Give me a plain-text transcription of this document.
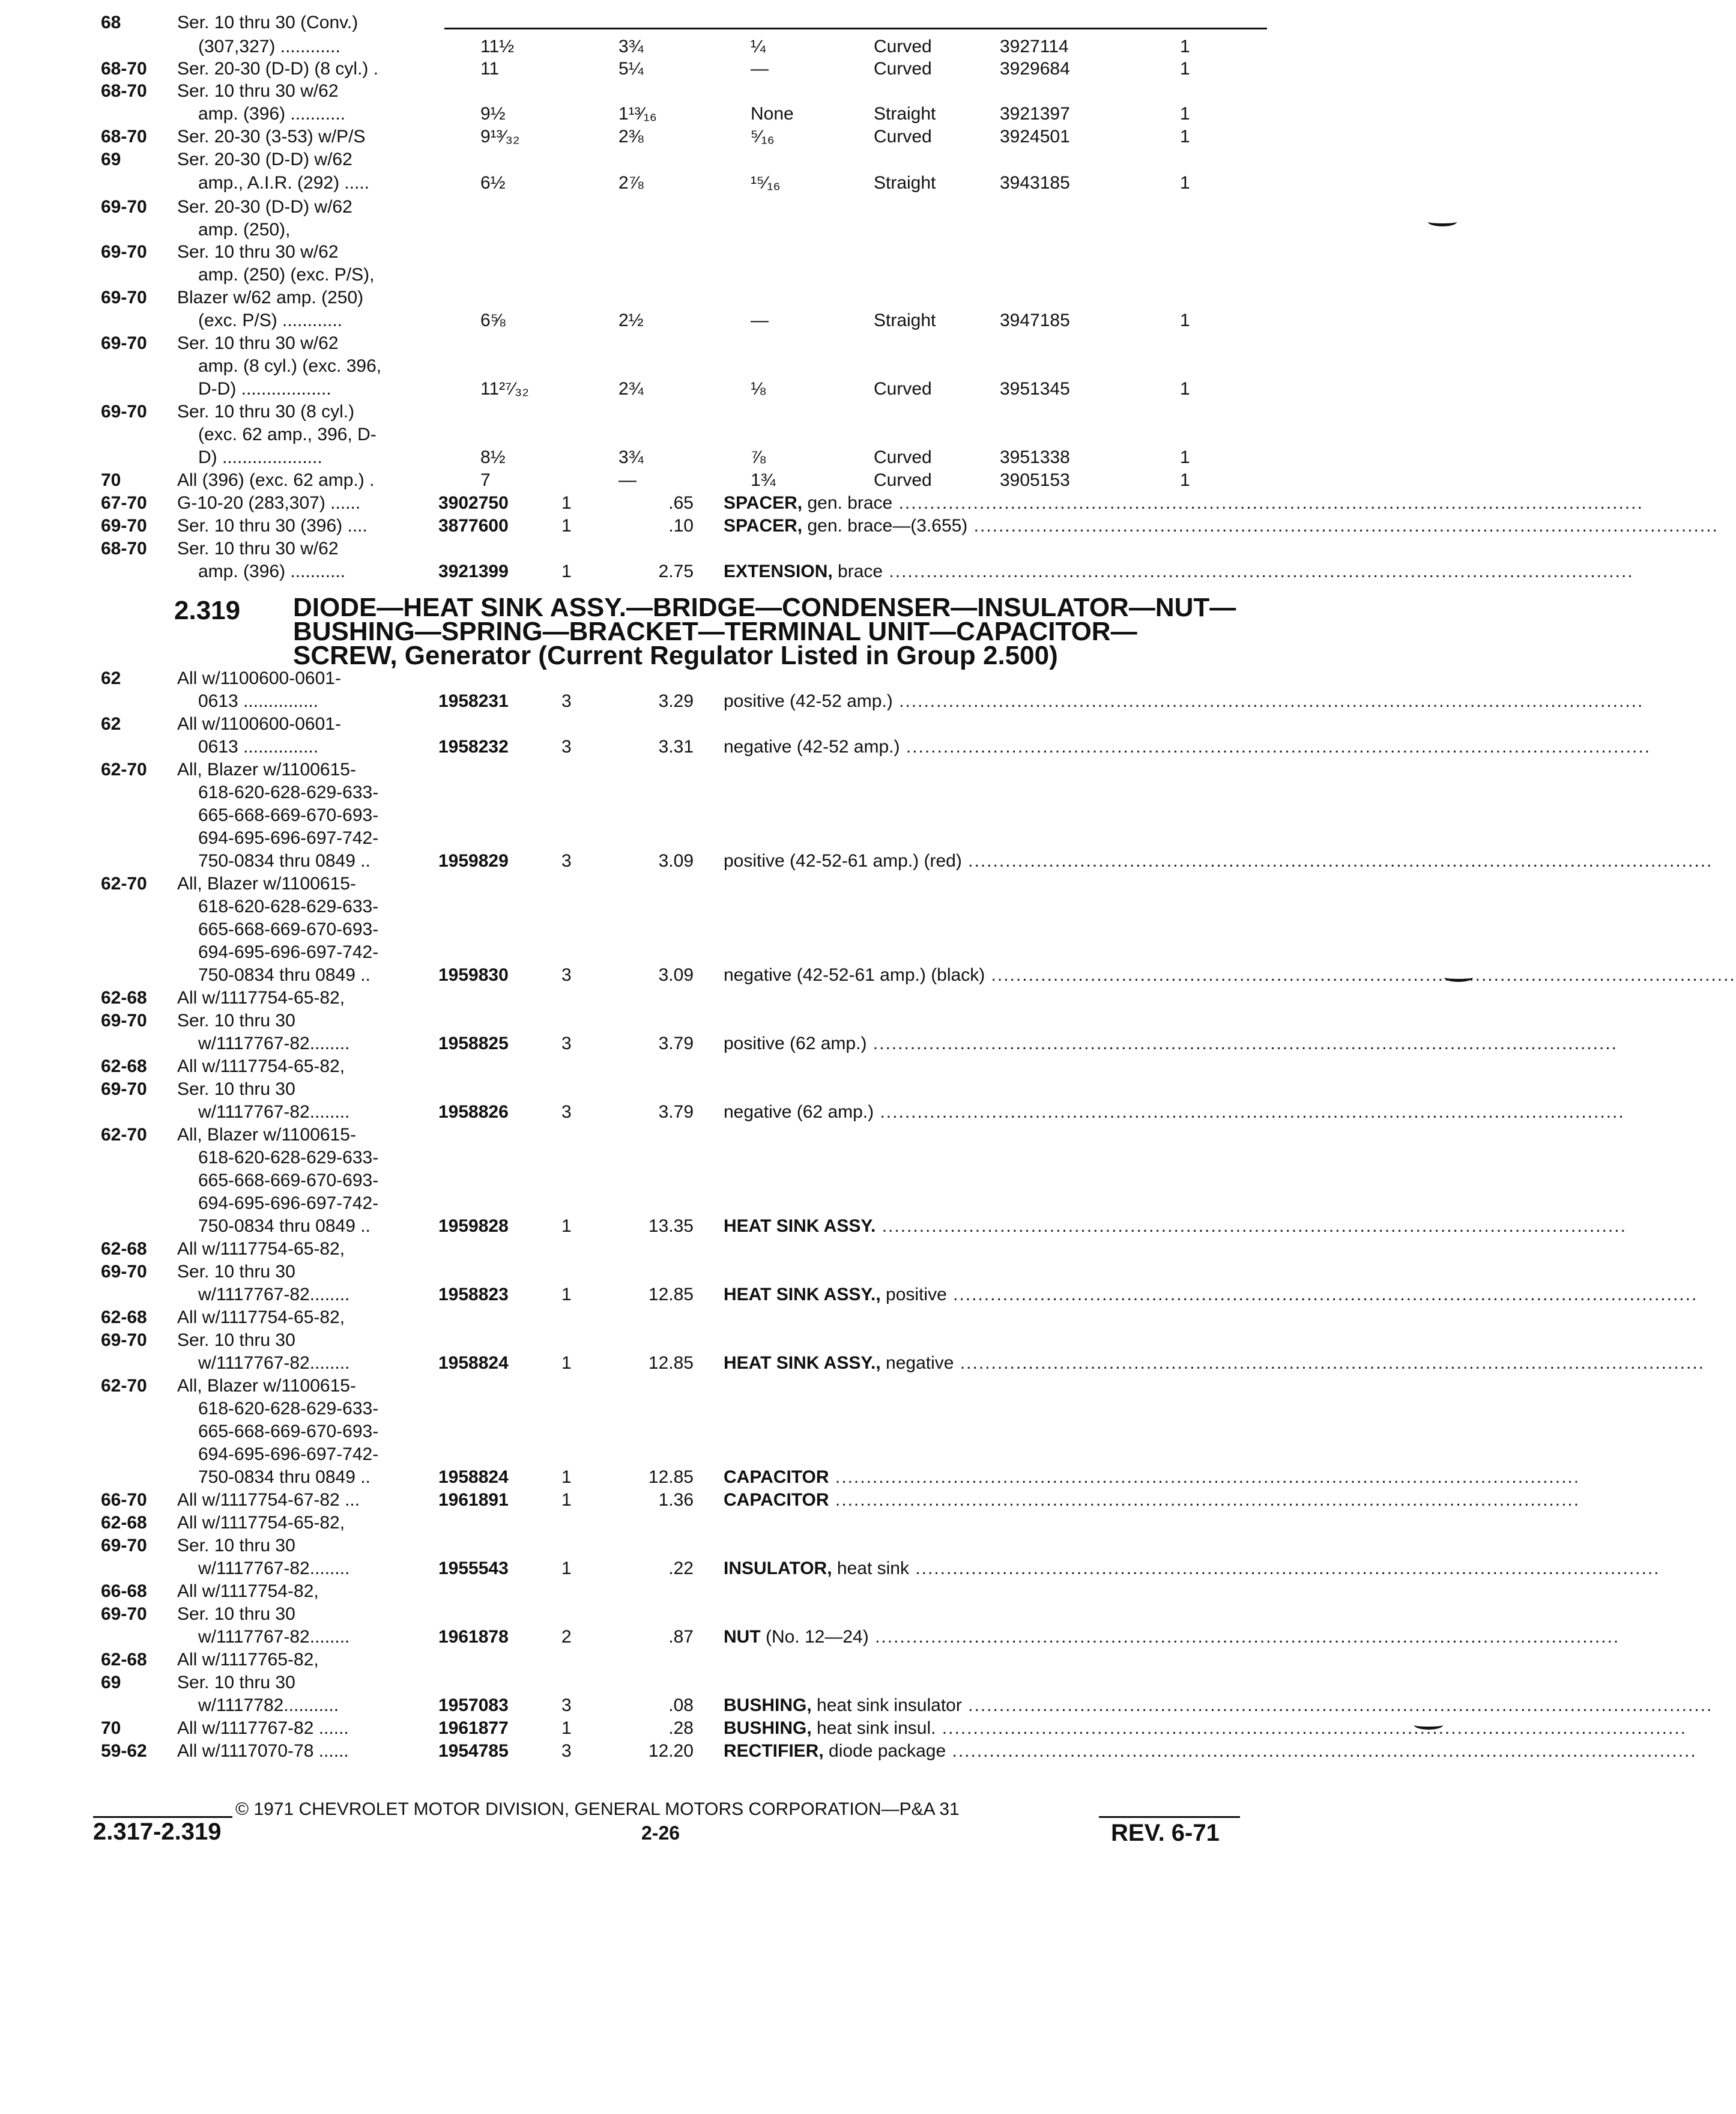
68	Ser. 10 thru 30 (Conv.)
(307,327) ............	11½	3¾	¼	Curved	3927114	1
68-70 Ser. 20-30 (D-D) (8 cyl.) .	11	5¼	—	Curved	3929684	1
68-70 Ser. 10 thru 30 w/62
amp. (396) ...........	9½	1¹³⁄₁₆	None	Straight	3921397	1
68-70 Ser. 20-30 (3-53) w/P/S	9¹³⁄₃₂	2⅜	⁵⁄₁₆	Curved	3924501	1
69	Ser. 20-30 (D-D) w/62
amp., A.I.R. (292) .....	6½	2⅞	¹⁵⁄₁₆	Straight	3943185	1
69-70 Ser. 20-30 (D-D) w/62
amp. (250),
69-70 Ser. 10 thru 30 w/62
amp. (250) (exc. P/S),
69-70 Blazer w/62 amp. (250)
(exc. P/S) ............	6⅝	2½	—	Straight	3947185	1
69-70 Ser. 10 thru 30 w/62
amp. (8 cyl.) (exc. 396,
D-D) ..................	11²⁷⁄₃₂	2¾	⅛	Curved	3951345	1
69-70 Ser. 10 thru 30 (8 cyl.)
(exc. 62 amp., 396, D-
D) ....................	8½	3¾	⅞	Curved	3951338	1
70	All (396) (exc. 62 amp.) .	7	—	1¾	Curved	3905153	1
67-70 G-10-20 (283,307) ......	3902750	1	.65 SPACER, gen. brace ........................................................................................................................
69-70 Ser. 10 thru 30 (396) ....	3877600	1	.10 SPACER, gen. brace—(3.655) ........................................................................................................................
68-70 Ser. 10 thru 30 w/62
amp. (396) ...........	3921399	1	2.75 EXTENSION, brace ........................................................................................................................
2.319 DIODE—HEAT SINK ASSY.—BRIDGE—CONDENSER—INSULATOR—NUT—
BUSHING—SPRING—BRACKET—TERMINAL UNIT—CAPACITOR—
SCREW, Generator (Current Regulator Listed in Group 2.500)
62	All w/1100600-0601-
0613 ...............	1958231	3	3.29 positive (42-52 amp.) ........................................................................................................................
62	All w/1100600-0601-
0613 ...............	1958232	3	3.31 negative (42-52 amp.) ........................................................................................................................
62-70 All, Blazer w/1100615-
618-620-628-629-633-
665-668-669-670-693-
694-695-696-697-742-
750-0834 thru 0849 ..	1959829	3	3.09 positive (42-52-61 amp.) (red) ........................................................................................................................
62-70 All, Blazer w/1100615-
618-620-628-629-633-
665-668-669-670-693-
694-695-696-697-742-
750-0834 thru 0849 ..	1959830	3	3.09 negative (42-52-61 amp.) (black) ........................................................................................................................
62-68 All w/1117754-65-82,
69-70 Ser. 10 thru 30
w/1117767-82........	1958825	3	3.79 positive (62 amp.) ........................................................................................................................
62-68 All w/1117754-65-82,
69-70 Ser. 10 thru 30
w/1117767-82........	1958826	3	3.79 negative (62 amp.) ........................................................................................................................
62-70 All, Blazer w/1100615-
618-620-628-629-633-
665-668-669-670-693-
694-695-696-697-742-
750-0834 thru 0849 ..	1959828	1	13.35 HEAT SINK ASSY. ........................................................................................................................
62-68 All w/1117754-65-82,
69-70 Ser. 10 thru 30
w/1117767-82........	1958823	1	12.85 HEAT SINK ASSY., positive ........................................................................................................................
62-68 All w/1117754-65-82,
69-70 Ser. 10 thru 30
w/1117767-82........	1958824	1	12.85 HEAT SINK ASSY., negative ........................................................................................................................
62-70 All, Blazer w/1100615-
618-620-628-629-633-
665-668-669-670-693-
694-695-696-697-742-
750-0834 thru 0849 ..	1958824	1	12.85 CAPACITOR ........................................................................................................................
66-70 All w/1117754-67-82 ...	1961891	1	1.36 CAPACITOR ........................................................................................................................
62-68 All w/1117754-65-82,
69-70 Ser. 10 thru 30
w/1117767-82........	1955543	1	.22 INSULATOR, heat sink ........................................................................................................................
66-68 All w/1117754-82,
69-70 Ser. 10 thru 30
w/1117767-82........	1961878	2	.87 NUT (No. 12—24) ........................................................................................................................
62-68 All w/1117765-82,
69	Ser. 10 thru 30
w/1117782...........	1957083	3	.08 BUSHING, heat sink insulator ........................................................................................................................
70	All w/1117767-82 ......	1961877	1	.28 BUSHING, heat sink insul. ........................................................................................................................
59-62 All w/1117070-78 ......	1954785	3	12.20 RECTIFIER, diode package ........................................................................................................................
© 1971 CHEVROLET MOTOR DIVISION, GENERAL MOTORS CORPORATION—P&A 31
2.317-2.319	2-26	REV. 6-71
